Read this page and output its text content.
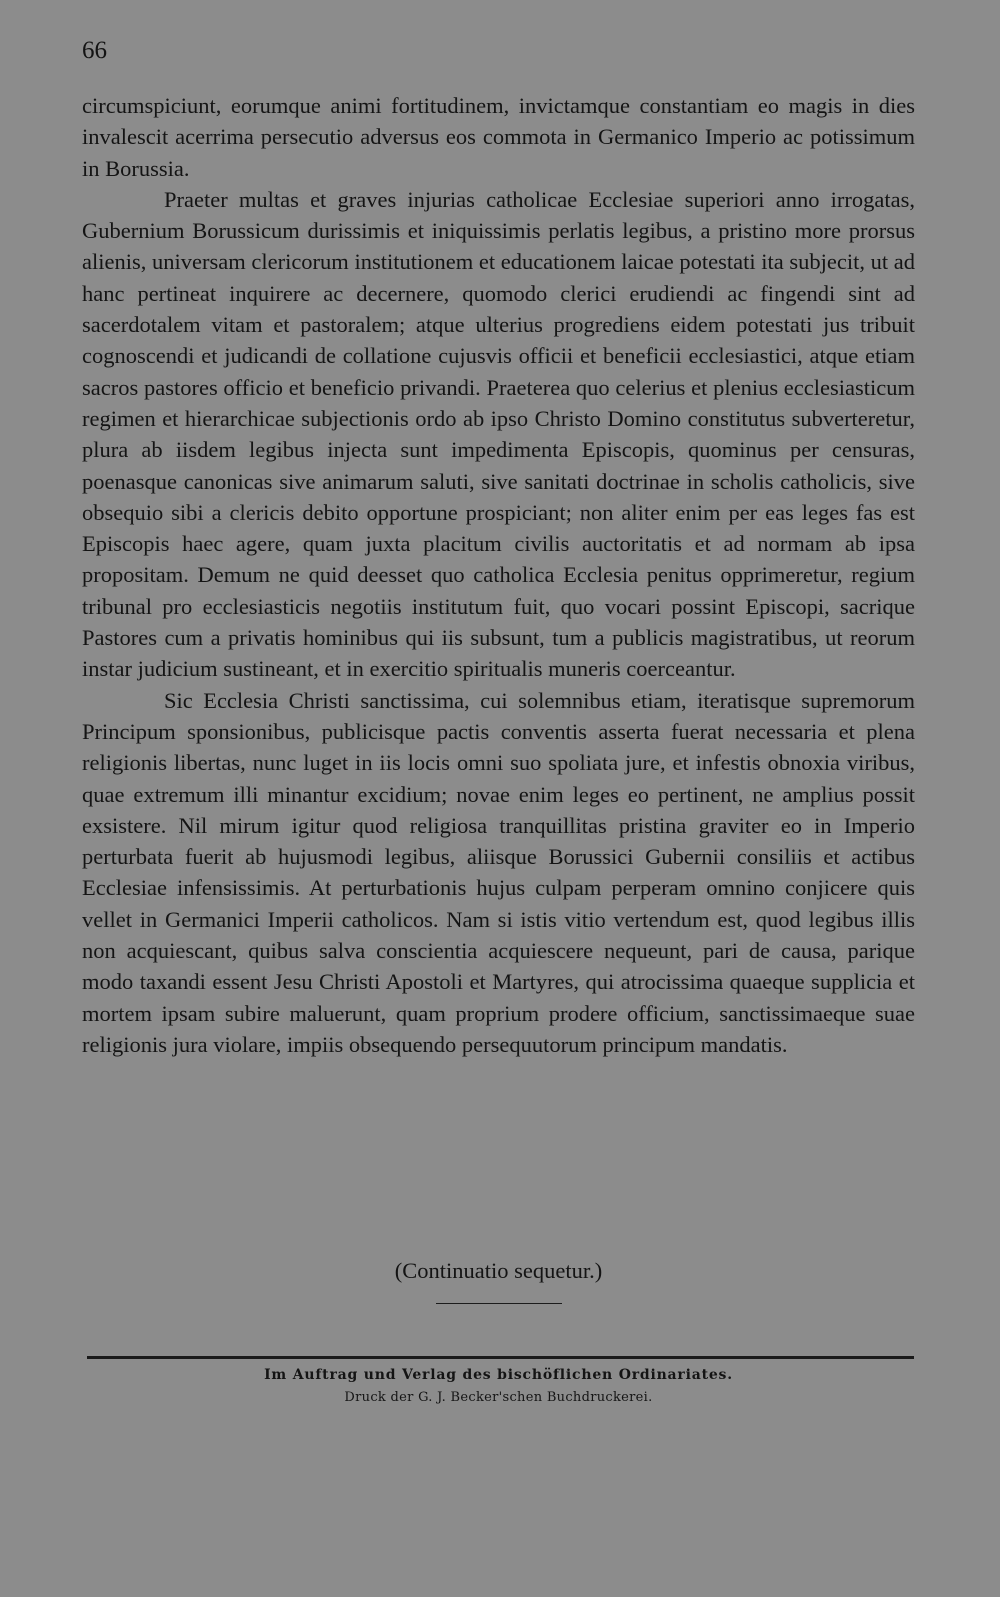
66

circumspiciunt, eorumque animi fortitudinem, invictamque constantiam eo magis in dies invalescit acerrima persecutio adversus eos commota in Germanico Imperio ac potissimum in Borussia.

Praeter multas et graves injurias catholicae Ecclesiae superiori anno irrogatas, Gubernium Borussicum durissimis et iniquissimis perlatis legibus, a pristino more prorsus alienis, universam clericorum institutionem et educationem laicae potestati ita subjecit, ut ad hanc pertineat inquirere ac decernere, quomodo clerici erudiendi ac fingendi sint ad sacerdotalem vitam et pastoralem; atque ulterius progrediens eidem potestati jus tribuit cognoscendi et judicandi de collatione cujusvis officii et beneficii ecclesiastici, atque etiam sacros pastores officio et beneficio privandi. Praeterea quo celerius et plenius ecclesiasticum regimen et hierarchicae subjectionis ordo ab ipso Christo Domino constitutus subverteretur, plura ab iisdem legibus injecta sunt impedimenta Episcopis, quominus per censuras, poenasque canonicas sive animarum saluti, sive sanitati doctrinae in scholis catholicis, sive obsequio sibi a clericis debito opportune prospiciant; non aliter enim per eas leges fas est Episcopis haec agere, quam juxta placitum civilis auctoritatis et ad normam ab ipsa propositam. Demum ne quid deesset quo catholica Ecclesia penitus opprimeretur, regium tribunal pro ecclesiasticis negotiis institutum fuit, quo vocari possint Episcopi, sacrique Pastores cum a privatis hominibus qui iis subsunt, tum a publicis magistratibus, ut reorum instar judicium sustineant, et in exercitio spiritualis muneris coerceantur.

Sic Ecclesia Christi sanctissima, cui solemnibus etiam, iteratisque supremorum Principum sponsionibus, publicisque pactis conventis asserta fuerat necessaria et plena religionis libertas, nunc luget in iis locis omni suo spoliata jure, et infestis obnoxia viribus, quae extremum illi minantur excidium; novae enim leges eo pertinent, ne amplius possit exsistere. Nil mirum igitur quod religiosa tranquillitas pristina graviter eo in Imperio perturbata fuerit ab hujusmodi legibus, aliisque Borussici Gubernii consiliis et actibus Ecclesiae infensissimis. At perturbationis hujus culpam perperam omnino conjicere quis vellet in Germanici Imperii catholicos. Nam si istis vitio vertendum est, quod legibus illis non acquiescant, quibus salva conscientia acquiescere nequeunt, pari de causa, parique modo taxandi essent Jesu Christi Apostoli et Martyres, qui atrocissima quaeque supplicia et mortem ipsam subire maluerunt, quam proprium prodere officium, sanctissimaeque suae religionis jura violare, impiis obsequendo persequutorum principum mandatis.

(Continuatio sequetur.)
Im Auftrag und Verlag des bischöflichen Ordinariates.
Druck der G. J. Becker'schen Buchdruckerei.
